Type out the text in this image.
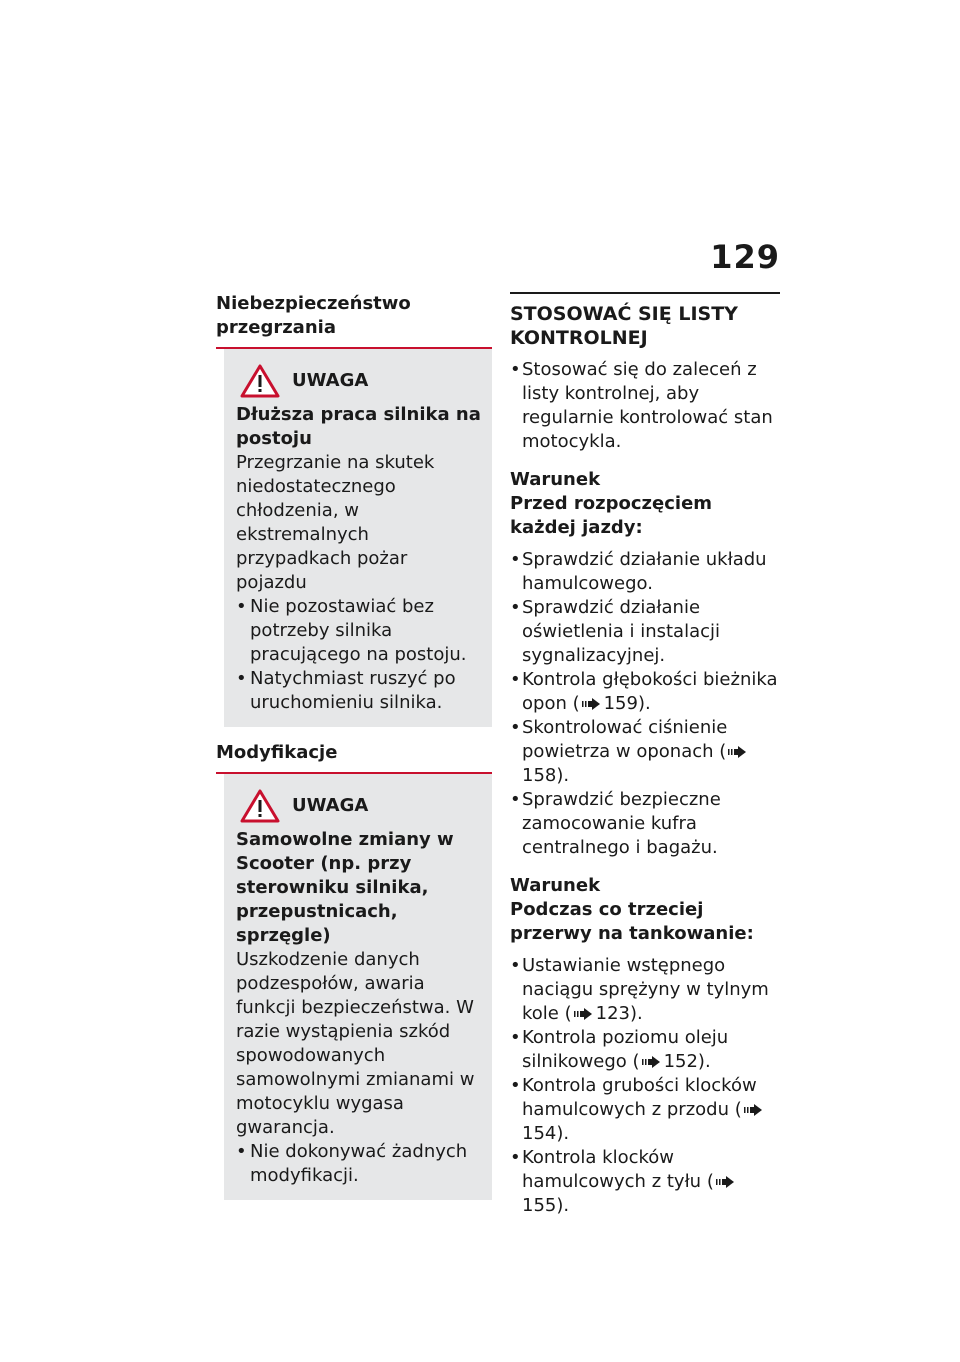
129
Niebezpieczeństwo przegrzania
UWAGA
Dłuższa praca silnika na postoju
Przegrzanie na skutek niedostatecznego chłodzenia, w ekstremalnych przypadkach pożar pojazdu
• Nie pozostawiać bez potrzeby silnika pracującego na postoju.
• Natychmiast ruszyć po uruchomieniu silnika.
Modyfikacje
UWAGA
Samowolne zmiany w Scooter (np. przy sterowniku silnika, przepustnicach, sprzęgle)
Uszkodzenie danych podzespołów, awaria funkcji bezpieczeństwa. W razie wystąpienia szkód spowodowanych samowolnymi zmianami w motocyklu wygasa gwarancja.
• Nie dokonywać żadnych modyfikacji.
STOSOWAĆ SIĘ LISTY KONTROLNEJ
• Stosować się do zaleceń z listy kontrolnej, aby regularnie kontrolować stan motocykla.
Warunek
Przed rozpoczęciem każdej jazdy:
• Sprawdzić działanie układu hamulcowego.
• Sprawdzić działanie oświetlenia i instalacji sygnalizacyjnej.
• Kontrola głębokości bieżnika opon ( 159).
• Skontrolować ciśnienie powietrza w oponach (158).
• Sprawdzić bezpieczne zamocowanie kufra centralnego i bagażu.
Warunek
Podczas co trzeciej przerwy na tankowanie:
• Ustawianie wstępnego naciągu sprężyny w tylnym kole ( 123).
• Kontrola poziomu oleju silnikowego ( 152).
• Kontrola grubości klocków hamulcowych z przodu (154).
• Kontrola klocków hamulcowych z tyłu (155).
